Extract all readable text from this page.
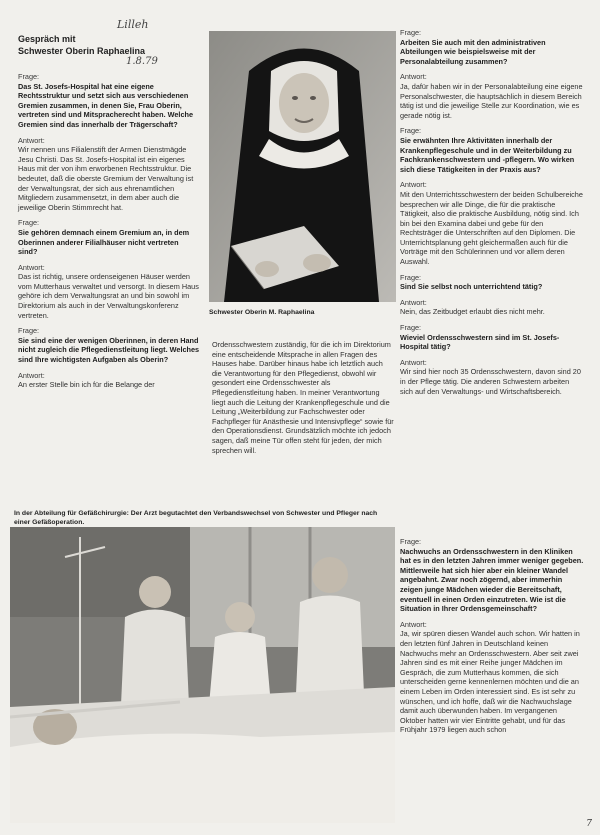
Gespräch mit
Schwester Oberin Raphaelina
Lilleh
1.8.79
Frage:
Das St. Josefs-Hospital hat eine eigene Rechtsstruktur und setzt sich aus verschiedenen Gremien zusammen, in denen Sie, Frau Oberin, vertreten sind und Mitspracherecht haben. Welche Gremien sind das innerhalb der Trägerschaft?
Antwort:
Wir nennen uns Filialenstift der Armen Dienstmägde Jesu Christi. Das St. Josefs-Hospital ist ein eigenes Haus mit der von ihm erworbenen Rechtsstruktur. Die bedeutet, daß die oberste Gremium der Verwaltung ist der Verwaltungsrat, der sich aus ehrenamtlichen Mitgliedern zusammensetzt, in dem aber auch die jeweilige Oberin Stimmrecht hat.
Frage:
Sie gehören demnach einem Gremium an, in dem Oberinnen anderer Filialhäuser nicht vertreten sind?
Antwort:
Das ist richtig, unsere ordenseigenen Häuser werden vom Mutterhaus verwaltet und versorgt. In diesem Haus gehöre ich dem Verwaltungsrat an und bin sowohl im Direktorium als auch in der Verwaltungskonferenz vertreten.
Frage:
Sie sind eine der wenigen Oberinnen, in deren Hand nicht zugleich die Pflegedienstleitung liegt. Welches sind Ihre wichtigsten Aufgaben als Oberin?
Antwort:
An erster Stelle bin ich für die Belange der
Schwester Oberin M. Raphaelina
Ordensschwestern zuständig, für die ich im Direktorium eine entscheidende Mitsprache in allen Fragen des Hauses habe. Darüber hinaus habe ich letztlich auch die Verantwortung für den Pflegedienst, obwohl wir gesondert eine Ordensschwester als Pflegedienstleitung haben. In meiner Verantwortung liegt auch die Leitung der Krankenpflegeschule und die Leitung „Weiterbildung zur Fachschwester oder Fachpfleger für Anästhesie und Intensivpflege“ sowie für den Operationsdienst. Grundsätzlich möchte ich jedoch sagen, daß meine Tür offen steht für jeden, der mich sprechen will.
Frage:
Arbeiten Sie auch mit den administrativen Abteilungen wie beispielsweise mit der Personalabteilung zusammen?
Antwort:
Ja, dafür haben wir in der Personalabteilung eine eigene Personalschwester, die hauptsächlich in diesem Bereich tätig ist und die jeweilige Stelle zur Koordination, wie es gerade nötig ist.
Frage:
Sie erwähnten Ihre Aktivitäten innerhalb der Krankenpflegeschule und in der Weiterbildung zu Fachkrankenschwestern und -pflegern. Wo wirken sich diese Tätigkeiten in der Praxis aus?
Antwort:
Mit den Unterrichtsschwestern der beiden Schulbereiche besprechen wir alle Dinge, die für die praktische Tätigkeit, also die praktische Ausbildung, nötig sind. Ich bin bei den Examina dabei und gebe für den Rechtsträger die Unterschriften auf den Diplomen. Die Unterrichtsplanung geht gleichermaßen auch für die Vorträge mit den Schülerinnen und vor allem deren Auswahl.
Frage:
Sind Sie selbst noch unterrichtend tätig?
Antwort:
Nein, das Zeitbudget erlaubt dies nicht mehr.
Frage:
Wieviel Ordensschwestern sind im St. Josefs-Hospital tätig?
Antwort:
Wir sind hier noch 35 Ordensschwestern, davon sind 20 in der Pflege tätig. Die anderen Schwestern arbeiten sich auf den Verwaltungs- und Wirtschaftsbereich.
Frage:
Nachwuchs an Ordensschwestern in den Kliniken hat es in den letzten Jahren immer weniger gegeben. Mittlerweile hat sich hier aber ein kleiner Wandel angebahnt. Zwar noch zögernd, aber immerhin zeigen junge Mädchen wieder die Bereitschaft, eventuell in einen Orden einzutreten. Wie ist die Situation in Ihrer Ordensgemeinschaft?
Antwort:
Ja, wir spüren diesen Wandel auch schon. Wir hatten in den letzten fünf Jahren in Deutschland keinen Nachwuchs mehr an Ordensschwestern. Aber seit zwei Jahren sind es mit einer Reihe junger Mädchen im Gespräch, die zum Mutterhaus kommen, die sich unterscheiden gerne kennenlernen möchten und die an einem Leben im Orden interessiert sind. Es ist sehr zu wünschen, und ich hoffe, daß wir die Nachwuchslage damit auch überwunden haben. Im vergangenen Oktober hatten wir vier Eintritte gehabt, und für das Frühjahr 1979 liegen auch schon
In der Abteilung für Gefäßchirurgie: Der Arzt begutachtet den Verbandswechsel von Schwester und Pfleger nach einer Gefäßoperation.
7
